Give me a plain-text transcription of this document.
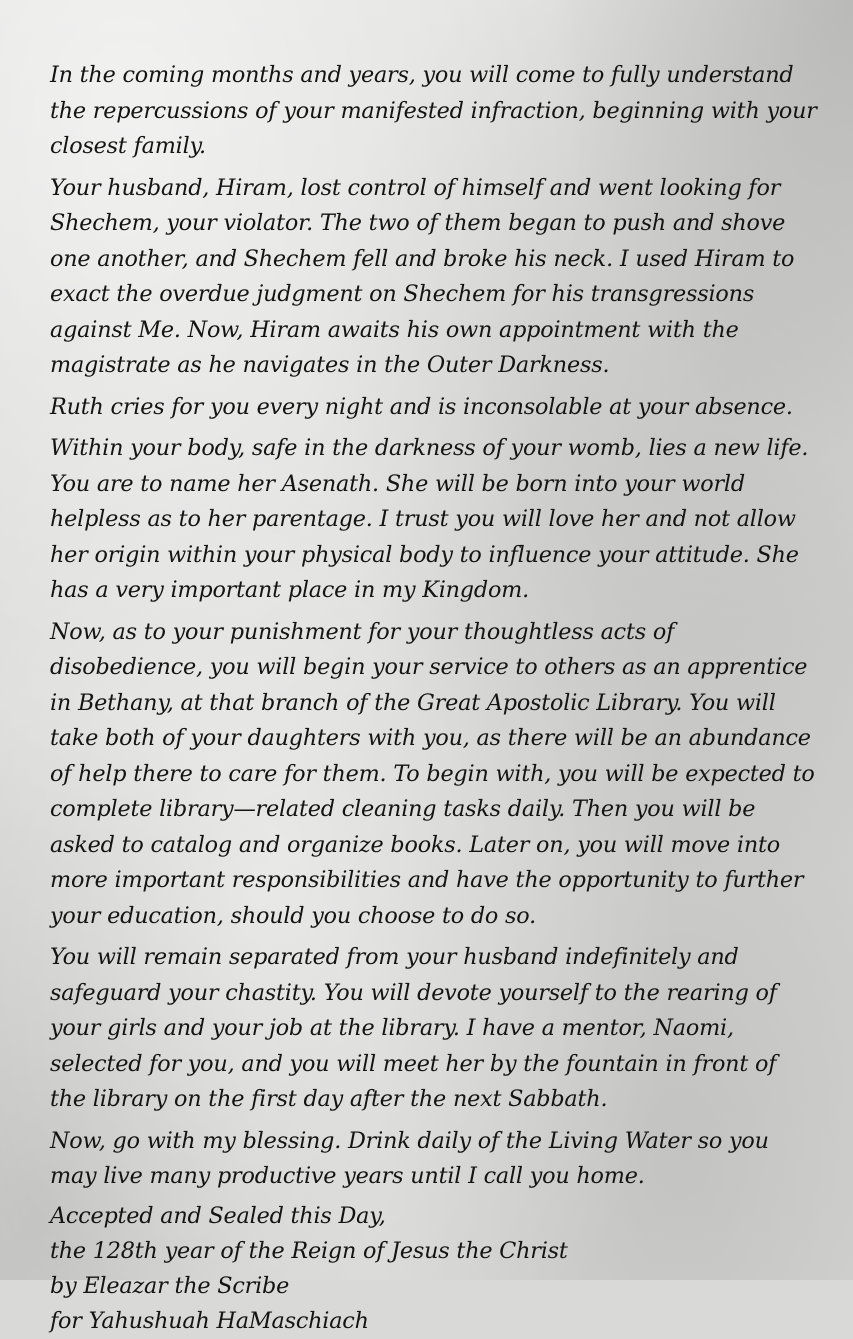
In the coming months and years, you will come to fully understand the repercussions of your manifested infraction, beginning with your closest family.

Your husband, Hiram, lost control of himself and went looking for Shechem, your violator. The two of them began to push and shove one another, and Shechem fell and broke his neck. I used Hiram to exact the overdue judgment on Shechem for his transgressions against Me. Now, Hiram awaits his own appointment with the magistrate as he navigates in the Outer Darkness.

Ruth cries for you every night and is inconsolable at your absence.

Within your body, safe in the darkness of your womb, lies a new life. You are to name her Asenath. She will be born into your world helpless as to her parentage. I trust you will love her and not allow her origin within your physical body to influence your attitude. She has a very important place in my Kingdom.

Now, as to your punishment for your thoughtless acts of disobedience, you will begin your service to others as an apprentice in Bethany, at that branch of the Great Apostolic Library. You will take both of your daughters with you, as there will be an abundance of help there to care for them. To begin with, you will be expected to complete library—related cleaning tasks daily. Then you will be asked to catalog and organize books. Later on, you will move into more important responsibilities and have the opportunity to further your education, should you choose to do so.

You will remain separated from your husband indefinitely and safeguard your chastity. You will devote yourself to the rearing of your girls and your job at the library. I have a mentor, Naomi, selected for you, and you will meet her by the fountain in front of the library on the first day after the next Sabbath.

Now, go with my blessing. Drink daily of the Living Water so you may live many productive years until I call you home.

Accepted and Sealed this Day,

the 128th year of the Reign of Jesus the Christ

by Eleazar the Scribe

for Yahushuah HaMaschiach
